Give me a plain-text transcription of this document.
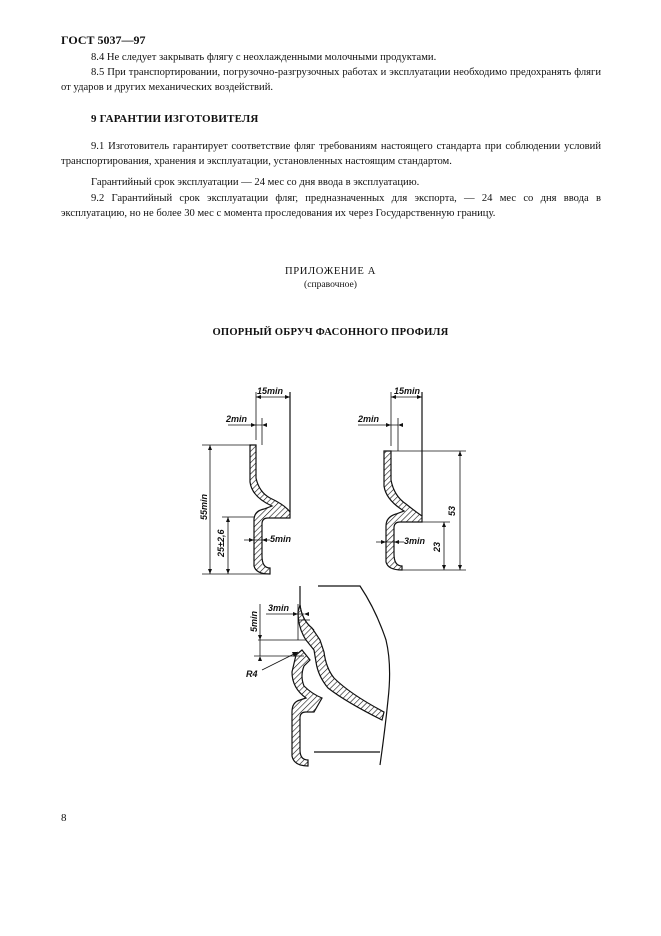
ГОСТ 5037—97

8.4 Не следует закрывать флягу с неохлажденными молочными продуктами.

8.5 При транспортировании, погрузочно-разгрузочных работах и эксплуатации необходимо предохранять фляги от ударов и других механических воздействий.

9 ГАРАНТИИ ИЗГОТОВИТЕЛЯ

9.1 Изготовитель гарантирует соответствие фляг требованиям настоящего стандарта при соблюдении условий транспортирования, хранения и эксплуатации, установленных настоящим стандартом.

Гарантийный срок эксплуатации — 24 мес со дня ввода в эксплуатацию.

9.2 Гарантийный срок эксплуатации фляг, предназначенных для экспорта, — 24 мес со дня ввода в эксплуатацию, но не более 30 мес с момента проследования их через Государственную границу.

ПРИЛОЖЕНИЕ А
(справочное)
ОПОРНЫЙ ОБРУЧ ФАСОННОГО ПРОФИЛЯ
15min
2min
55min
25±2,6	5min
15min
2min
53
23
3min
3min
5min
R4
8
